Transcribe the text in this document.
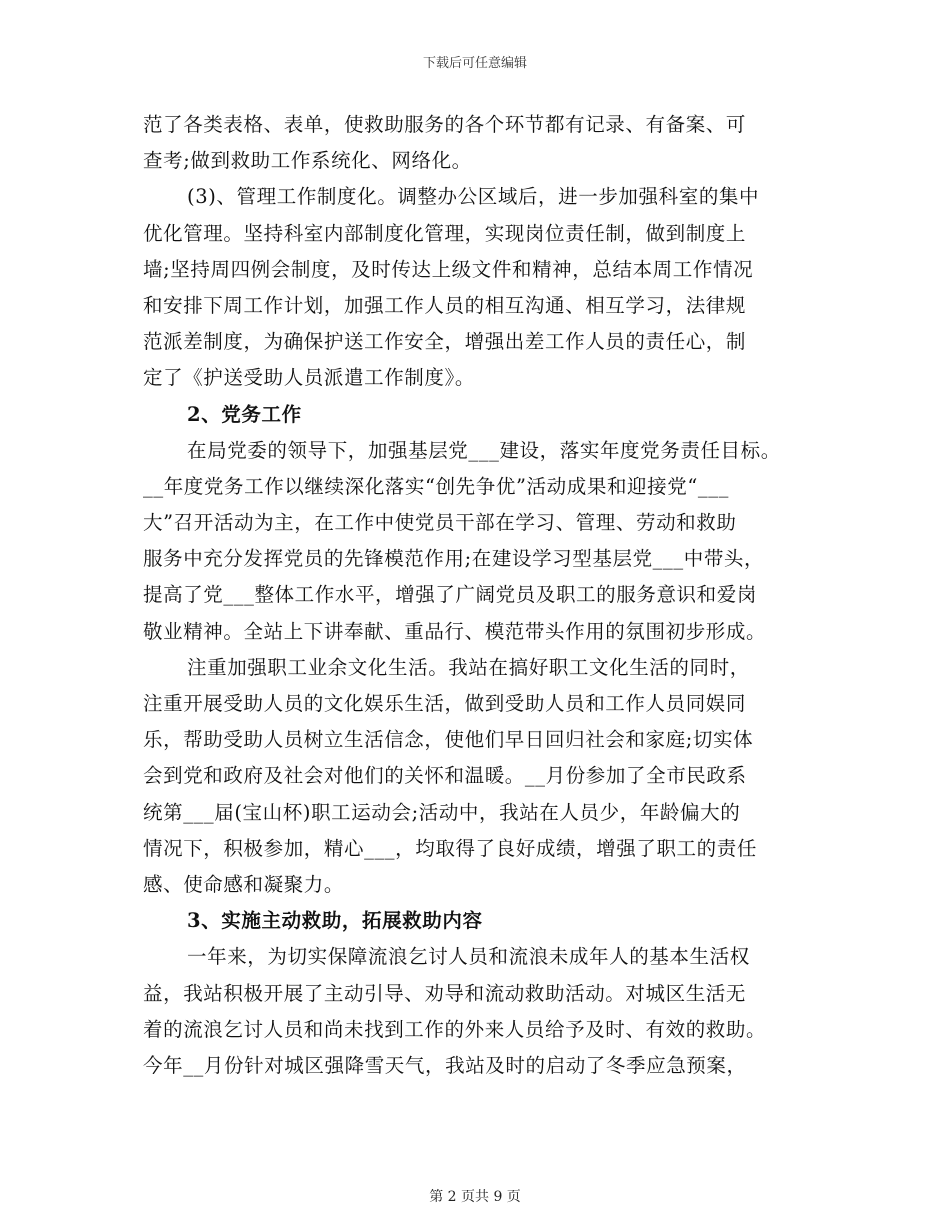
下载后可任意编辑
范了各类表格、表单，使救助服务的各个环节都有记录、有备案、可
查考;做到救助工作系统化、网络化。
(3)、管理工作制度化。调整办公区域后，进一步加强科室的集中
优化管理。坚持科室内部制度化管理，实现岗位责任制，做到制度上
墙;坚持周四例会制度，及时传达上级文件和精神，总结本周工作情况
和安排下周工作计划，加强工作人员的相互沟通、相互学习，法律规
范派差制度，为确保护送工作安全，增强出差工作人员的责任心，制
定了《护送受助人员派遣工作制度》。
2、党务工作
在局党委的领导下，加强基层党___建设，落实年度党务责任目标。
__年度党务工作以继续深化落实“创先争优”活动成果和迎接党“___
大”召开活动为主，在工作中使党员干部在学习、管理、劳动和救助
服务中充分发挥党员的先锋模范作用;在建设学习型基层党___中带头，
提高了党___整体工作水平，增强了广阔党员及职工的服务意识和爱岗
敬业精神。全站上下讲奉献、重品行、模范带头作用的氛围初步形成。
注重加强职工业余文化生活。我站在搞好职工文化生活的同时，
注重开展受助人员的文化娱乐生活，做到受助人员和工作人员同娱同
乐，帮助受助人员树立生活信念，使他们早日回归社会和家庭;切实体
会到党和政府及社会对他们的关怀和温暖。__月份参加了全市民政系
统第___届(宝山杯)职工运动会;活动中，我站在人员少，年龄偏大的
情况下，积极参加，精心___，均取得了良好成绩，增强了职工的责任
感、使命感和凝聚力。
3、实施主动救助，拓展救助内容
一年来，为切实保障流浪乞讨人员和流浪未成年人的基本生活权
益，我站积极开展了主动引导、劝导和流动救助活动。对城区生活无
着的流浪乞讨人员和尚未找到工作的外来人员给予及时、有效的救助。
今年__月份针对城区强降雪天气，我站及时的启动了冬季应急预案，
第 2 页共 9 页
